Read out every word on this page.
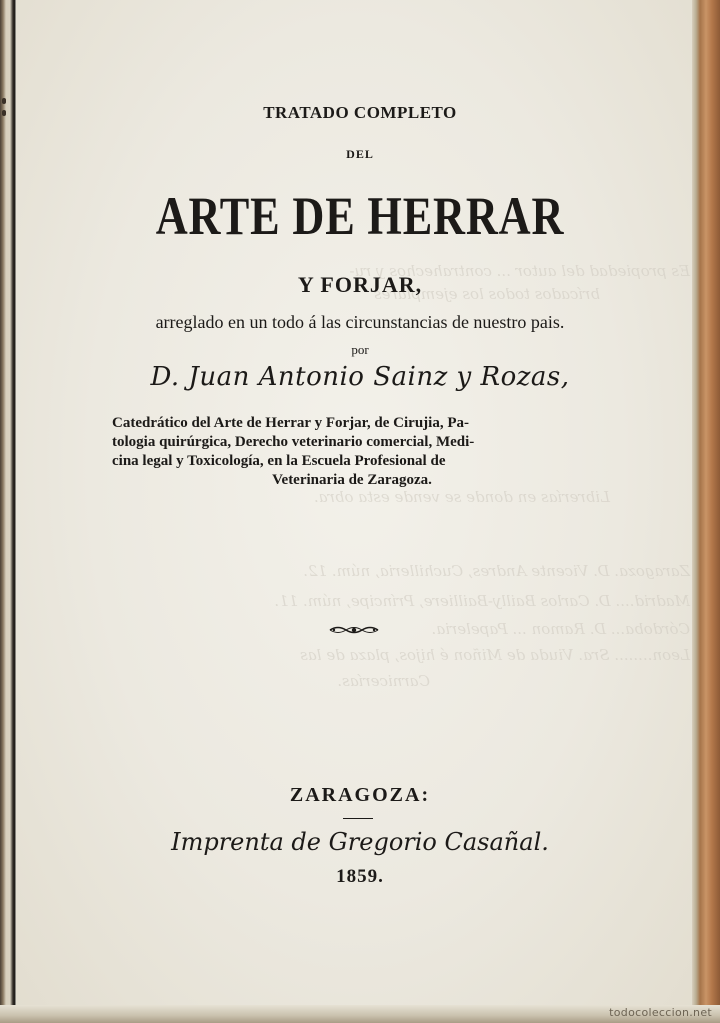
Es propiedad del autor ... contrahechos y ru-
brícados todos los ejemplares
Librerías en donde se vende esta obra.
Zaragoza. D. Vicente Andres, Cuchilleria, núm. 12.
Madrid.... D. Carlos Bailly-Bailliere, Príncipe, núm. 11.
Córdoba... D. Ramon ... Papeleria.
Leon........ Sra. Viuda de Miñon é hijos, plaza de las
Carnicerías.
TRATADO COMPLETO
DEL
ARTE DE HERRAR
Y FORJAR,
arreglado en un todo á las circunstancias de nuestro pais.
por
D. Juan Antonio Sainz y Rozas,
Catedrático del Arte de Herrar y Forjar, de Cirujia, Pa-
tologia quirúrgica, Derecho veterinario comercial, Medi-
cina legal y Toxicología, en la Escuela Profesional de
Veterinaria de Zaragoza.
ZARAGOZA:
Imprenta de Gregorio Casañal.
1859.
todocoleccion.net
